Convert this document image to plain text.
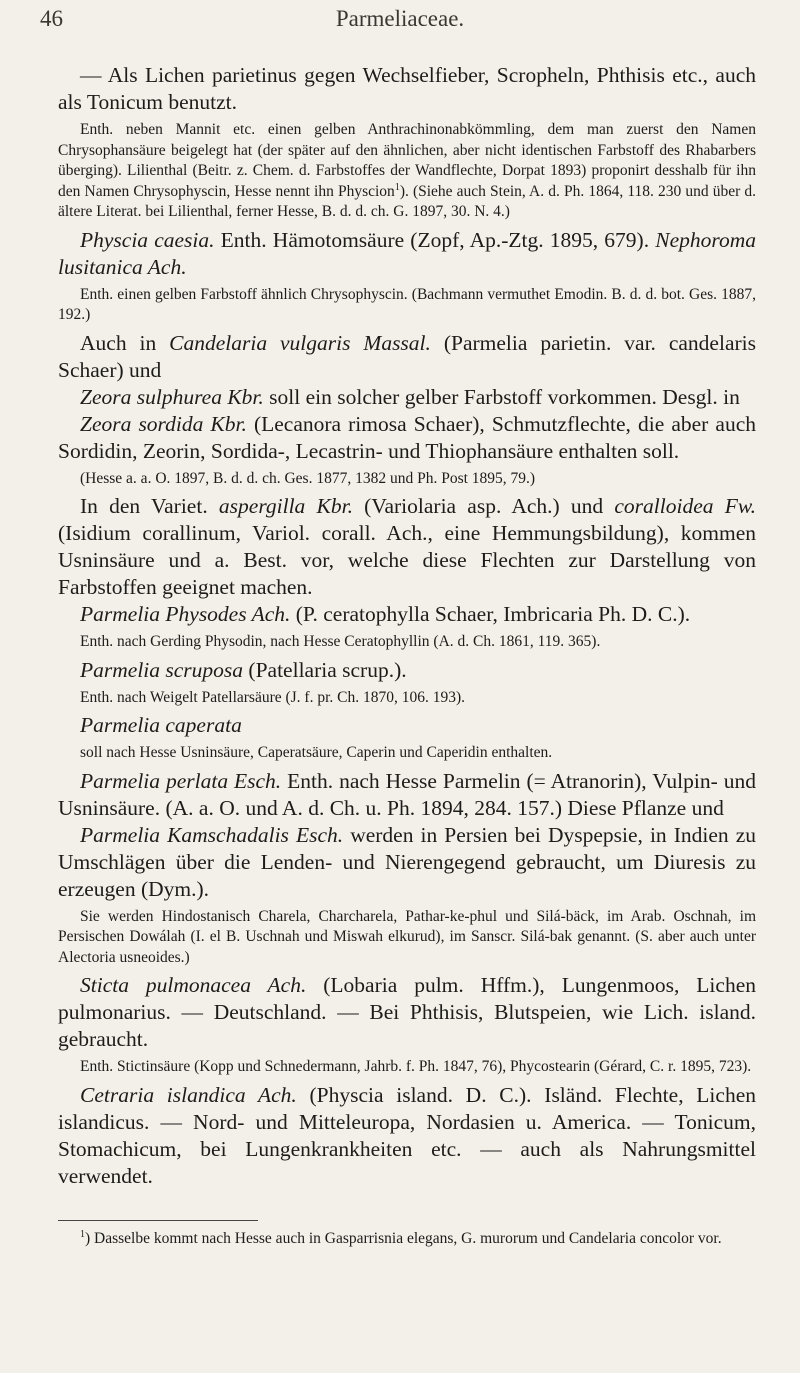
46	Parmeliaceae.

— Als Lichen parietinus gegen Wechselfieber, Scropheln, Phthisis etc., auch als Tonicum benutzt.

Enth. neben Mannit etc. einen gelben Anthrachinonabkömmling, dem man zuerst den Namen Chrysophansäure beigelegt hat (der später auf den ähnlichen, aber nicht identischen Farbstoff des Rhabarbers überging). Lilienthal (Beitr. z. Chem. d. Farbstoffes der Wandflechte, Dorpat 1893) proponirt desshalb für ihn den Namen Chrysophyscin, Hesse nennt ihn Physcion$^1$). (Siehe auch Stein, A. d. Ph. 1864, 118. 230 und über d. ältere Literat. bei Lilienthal, ferner Hesse, B. d. d. ch. G. 1897, 30. N. 4.)

Physcia caesia. Enth. Hämotomsäure (Zopf, Ap.-Ztg. 1895, 679). Nephoroma lusitanica Ach.

Enth. einen gelben Farbstoff ähnlich Chrysophyscin. (Bachmann vermuthet Emodin. B. d. d. bot. Ges. 1887, 192.)

Auch in Candelaria vulgaris Massal. (Parmelia parietin. var. candelaris Schaer) und

Zeora sulphurea Kbr. soll ein solcher gelber Farbstoff vorkommen. Desgl. in

Zeora sordida Kbr. (Lecanora rimosa Schaer), Schmutzflechte, die aber auch Sordidin, Zeorin, Sordida-, Lecastrin- und Thiophansäure enthalten soll.

(Hesse a. a. O. 1897, B. d. d. ch. Ges. 1877, 1382 und Ph. Post 1895, 79.)

In den Variet. aspergilla Kbr. (Variolaria asp. Ach.) und coralloidea Fw. (Isidium corallinum, Variol. corall. Ach., eine Hemmungsbildung), kommen Usninsäure und a. Best. vor, welche diese Flechten zur Darstellung von Farbstoffen geeignet machen.

Parmelia Physodes Ach. (P. ceratophylla Schaer, Imbricaria Ph. D. C.).

Enth. nach Gerding Physodin, nach Hesse Ceratophyllin (A. d. Ch. 1861, 119. 365).

Parmelia scruposa (Patellaria scrup.).

Enth. nach Weigelt Patellarsäure (J. f. pr. Ch. 1870, 106. 193).

Parmelia caperata

soll nach Hesse Usninsäure, Caperatsäure, Caperin und Caperidin enthalten.

Parmelia perlata Esch. Enth. nach Hesse Parmelin (= Atranorin), Vulpin- und Usninsäure. (A. a. O. und A. d. Ch. u. Ph. 1894, 284. 157.) Diese Pflanze und

Parmelia Kamschadalis Esch. werden in Persien bei Dyspepsie, in Indien zu Umschlägen über die Lenden- und Nierengegend gebraucht, um Diuresis zu erzeugen (Dym.).

Sie werden Hindostanisch Charela, Charcharela, Pathar-ke-phul und Silá-bäck, im Arab. Oschnah, im Persischen Dowálah (I. el B. Uschnah und Miswah elkurud), im Sanscr. Silá-bak genannt. (S. aber auch unter Alectoria usneoides.)

Sticta pulmonacea Ach. (Lobaria pulm. Hffm.), Lungenmoos, Lichen pulmonarius. — Deutschland. — Bei Phthisis, Blutspeien, wie Lich. island. gebraucht.

Enth. Stictinsäure (Kopp und Schnedermann, Jahrb. f. Ph. 1847, 76), Phycostearin (Gérard, C. r. 1895, 723).

Cetraria islandica Ach. (Physcia island. D. C.). Isländ. Flechte, Lichen islandicus. — Nord- und Mitteleuropa, Nordasien u. America. — Tonicum, Stomachicum, bei Lungenkrankheiten etc. — auch als Nahrungsmittel verwendet.

$^1$) Dasselbe kommt nach Hesse auch in Gasparrisnia elegans, G. murorum und Candelaria concolor vor.
